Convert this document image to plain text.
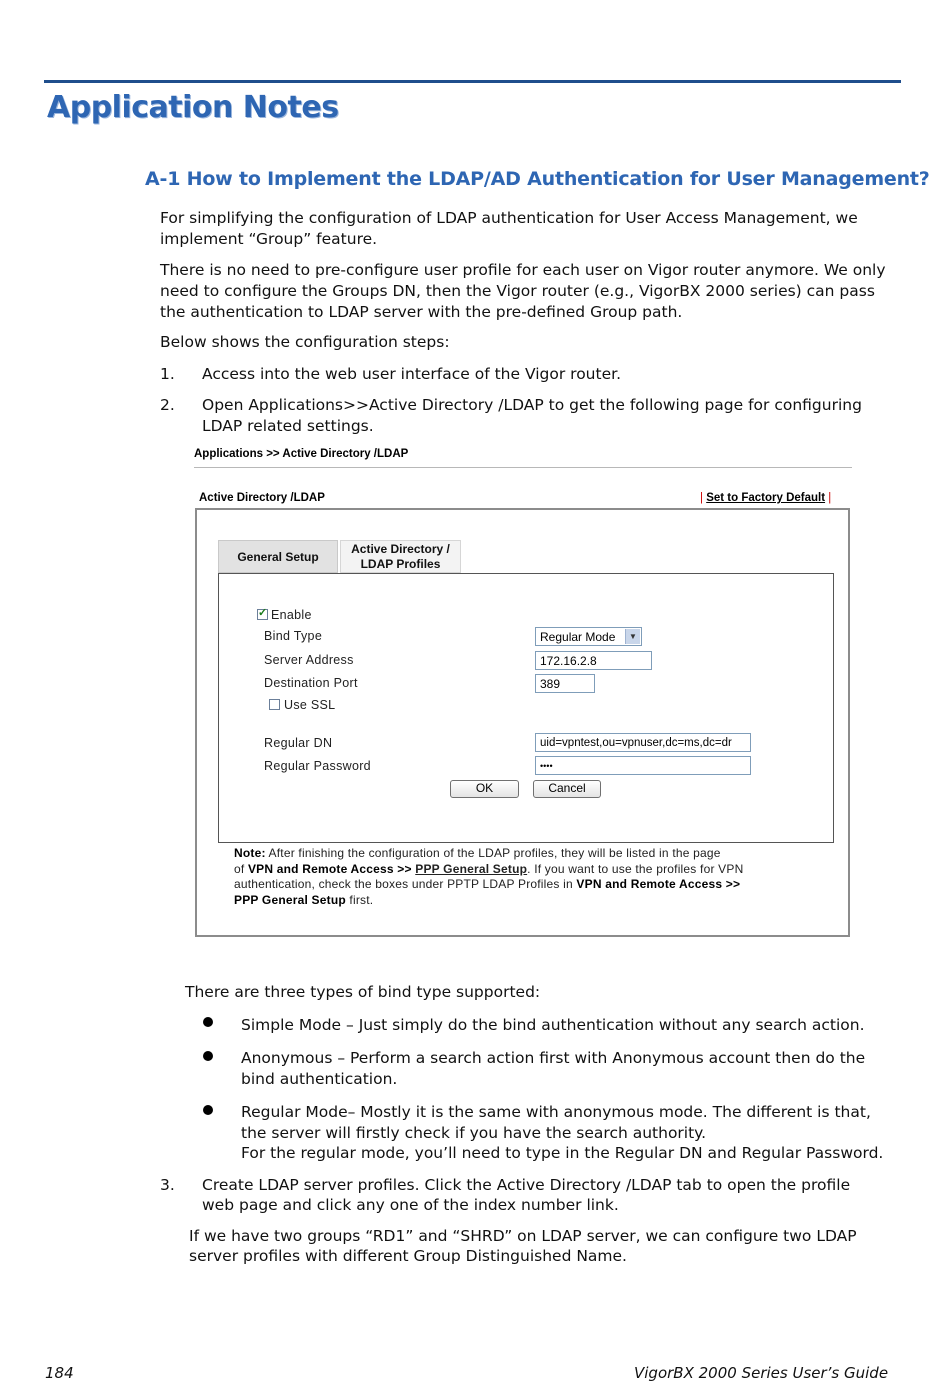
Application Notes
A-1 How to Implement the LDAP/AD Authentication for User Management?
For simplifying the configuration of LDAP authentication for User Access Management, we
implement “Group” feature.
There is no need to pre-configure user profile for each user on Vigor router anymore. We only
need to configure the Groups DN, then the Vigor router (e.g., VigorBX 2000 series) can pass
the authentication to LDAP server with the pre-defined Group path.
Below shows the configuration steps:
1. Access into the web user interface of the Vigor router.
2. Open Applications>>Active Directory /LDAP to get the following page for configuring
LDAP related settings.
Applications >> Active Directory /LDAP
Active Directory /LDAP	| Set to Factory Default |
General Setup
Active Directory /
LDAP Profiles
✓
Enable
Bind Type	Regular Mode	▼
Server Address	172.16.2.8
Destination Port	389
Use SSL
Regular DN	uid=vpntest,ou=vpnuser,dc=ms,dc=dr
Regular Password	••••
OK	Cancel
Note: After finishing the configuration of the LDAP profiles, they will be listed in the page
of VPN and Remote Access >> PPP General Setup. If you want to use the profiles for VPN
authentication, check the boxes under PPTP LDAP Profiles in VPN and Remote Access >>
PPP General Setup first.
There are three types of bind type supported:
Simple Mode – Just simply do the bind authentication without any search action.
Anonymous – Perform a search action first with Anonymous account then do the
bind authentication.
Regular Mode– Mostly it is the same with anonymous mode. The different is that,
the server will firstly check if you have the search authority.
For the regular mode, you’ll need to type in the Regular DN and Regular Password.
3. Create LDAP server profiles. Click the Active Directory /LDAP tab to open the profile
web page and click any one of the index number link.
If we have two groups “RD1” and “SHRD” on LDAP server, we can configure two LDAP
server profiles with different Group Distinguished Name.
184	VigorBX 2000 Series User’s Guide
